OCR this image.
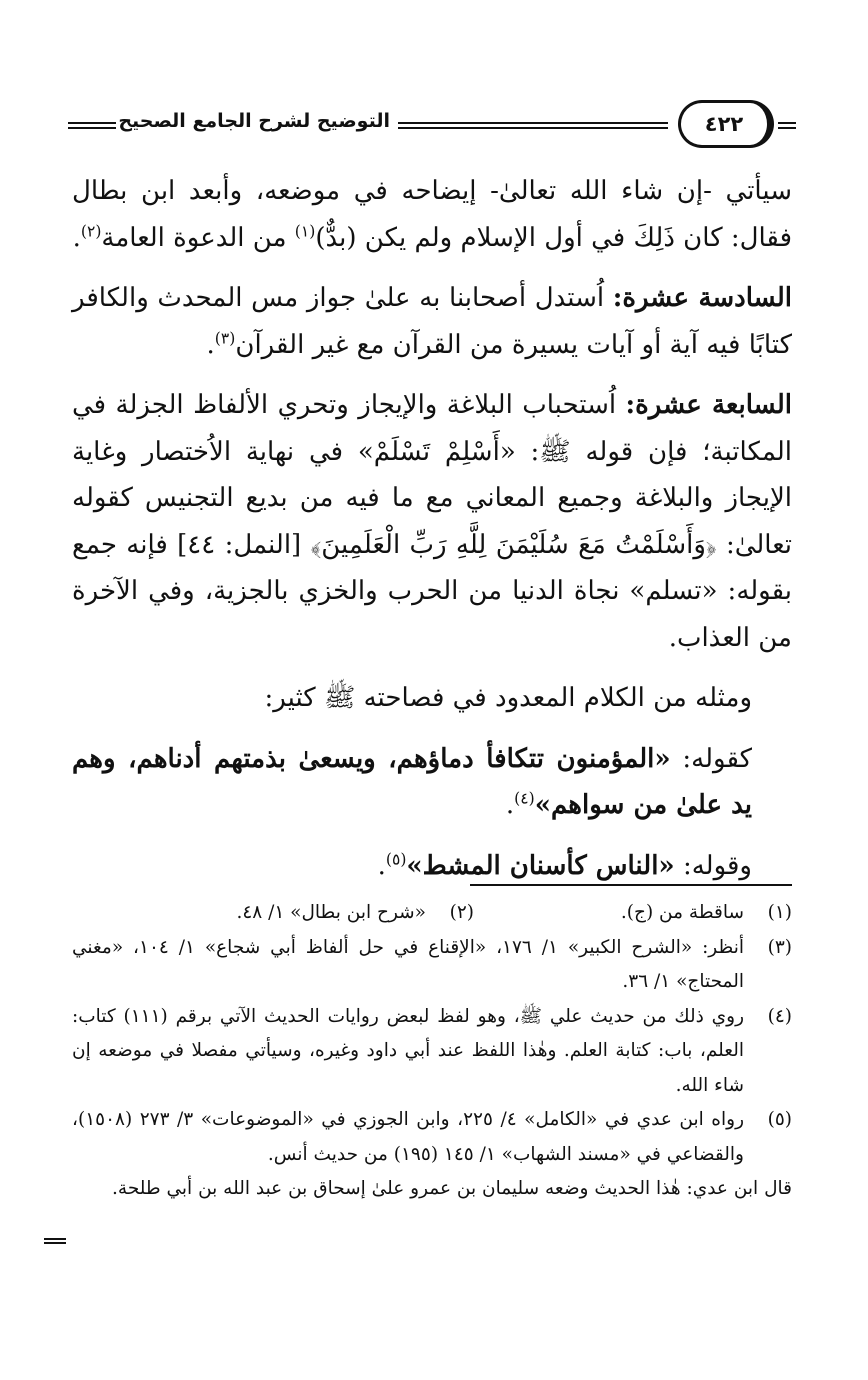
التوضيح لشرح الجامع الصحيح	٤٢٢

سيأتي -إن شاء الله تعالىٰ- إيضاحه في موضعه، وأبعد ابن بطال فقال: كان ذَلِكَ في أول الإسلام ولم يكن (بدٌّ)$^{(١)}$ من الدعوة العامة$^{(٢)}$.

السادسة عشرة: اُستدل أصحابنا به علىٰ جواز مس المحدث والكافر كتابًا فيه آية أو آيات يسيرة من القرآن مع غير القرآن$^{(٣)}$.

السابعة عشرة: اُستحباب البلاغة والإيجاز وتحري الألفاظ الجزلة في المكاتبة؛ فإن قوله ﷺ: «أَسْلِمْ تَسْلَمْ» في نهاية الاُختصار وغاية الإيجاز والبلاغة وجميع المعاني مع ما فيه من بديع التجنيس كقوله تعالىٰ: ﴿وَأَسْلَمْتُ مَعَ سُلَيْمَنَ لِلَّهِ رَبِّ الْعَلَمِينَ﴾ [النمل: ٤٤] فإنه جمع بقوله: «تسلم» نجاة الدنيا من الحرب والخزي بالجزية، وفي الآخرة من العذاب.

ومثله من الكلام المعدود في فصاحته ﷺ كثير:

كقوله: «المؤمنون تتكافأ دماؤهم، ويسعىٰ بذمتهم أدناهم، وهم يد علىٰ من سواهم»$^{(٤)}$.

وقوله: «الناس كأسنان المشط»$^{(٥)}$.

(١)
ساقطة من (ج).
(٢)
«شرح ابن بطال» ١/ ٤٨.
(٣)
أنظر: «الشرح الكبير» ١/ ١٧٦، «الإقناع في حل ألفاظ أبي شجاع» ١/ ١٠٤، «مغني المحتاج» ١/ ٣٦.
(٤)
روي ذلك من حديث علي ﷺ، وهو لفظ لبعض روايات الحديث الآتي برقم (١١١) كتاب: العلم، باب: كتابة العلم. وهٰذا اللفظ عند أبي داود وغيره، وسيأتي مفصلا في موضعه إن شاء الله.
(٥)
رواه ابن عدي في «الكامل» ٤/ ٢٢٥، وابن الجوزي في «الموضوعات» ٣/ ٢٧٣ (١٥٠٨)، والقضاعي في «مسند الشهاب» ١/ ١٤٥ (١٩٥) من حديث أنس.
قال ابن عدي: هٰذا الحديث وضعه سليمان بن عمرو علىٰ إسحاق بن عبد الله بن أبي طلحة.
